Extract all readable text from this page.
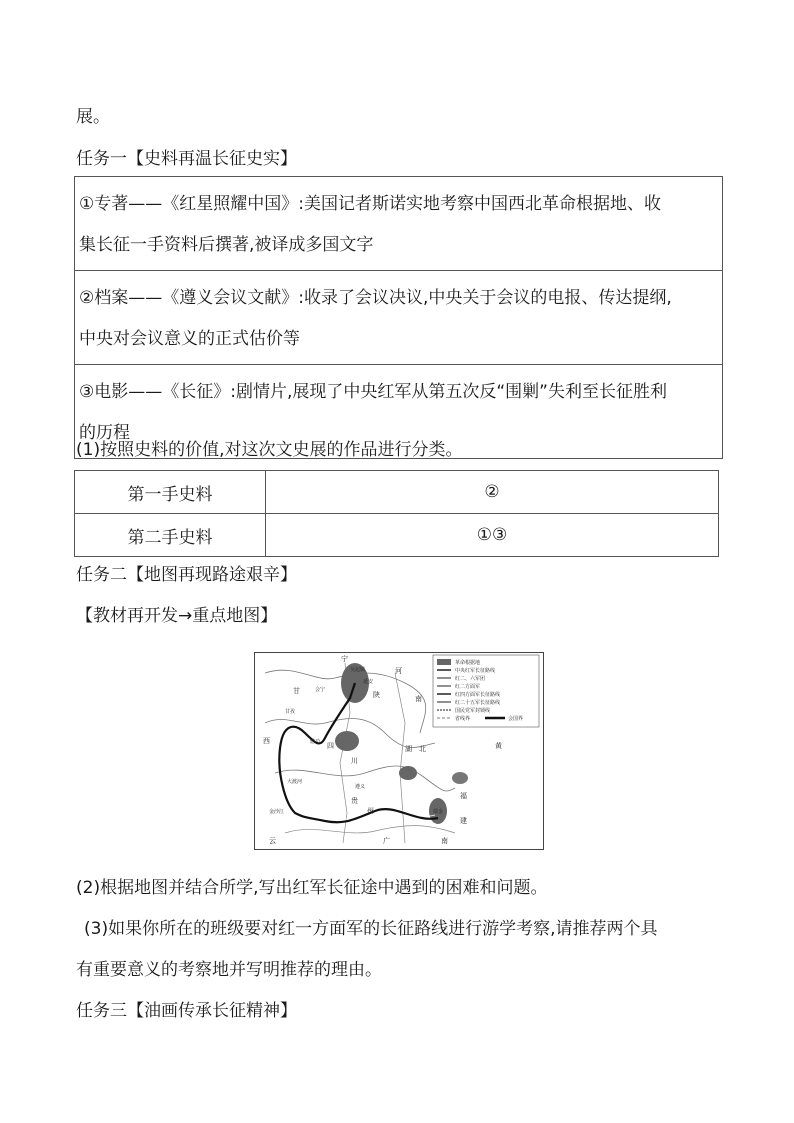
展。
任务一【史料再温长征史实】

①专著——《红星照耀中国》:美国记者斯诺实地考察中国西北革命根据地、收

集长征一手资料后撰著,被译成多国文字

②档案——《遵义会议文献》:收录了会议决议,中央关于会议的电报、传达提纲,

中央对会议意义的正式估价等

③电影——《长征》:剧情片,展现了中央红军从第五次反“围剿”失利至长征胜利

的历程

(1)按照史料的价值,对这次文史展的作品进行分类。
第一手史料	②
第二手史料	①③
任务二【地图再现路途艰辛】
【教材再开发→重点地图】
革命根据地
中央红军长征路线
红二、六军团
红二方面军
红四方面军长征路线
红二十五军长征路线
国民党军封锁线
省线界	会国界
甘
宁
陕
河
南
西
四
川
贵
州
广
云	南
湖 北
福
建
黄
遵义
会宁
吴起镇
甘孜
懋功
大渡河
金沙江	瑞金
延安
(2)根据地图并结合所学,写出红军长征途中遇到的困难和问题。
(3)如果你所在的班级要对红一方面军的长征路线进行游学考察,请推荐两个具
有重要意义的考察地并写明推荐的理由。
任务三【油画传承长征精神】
